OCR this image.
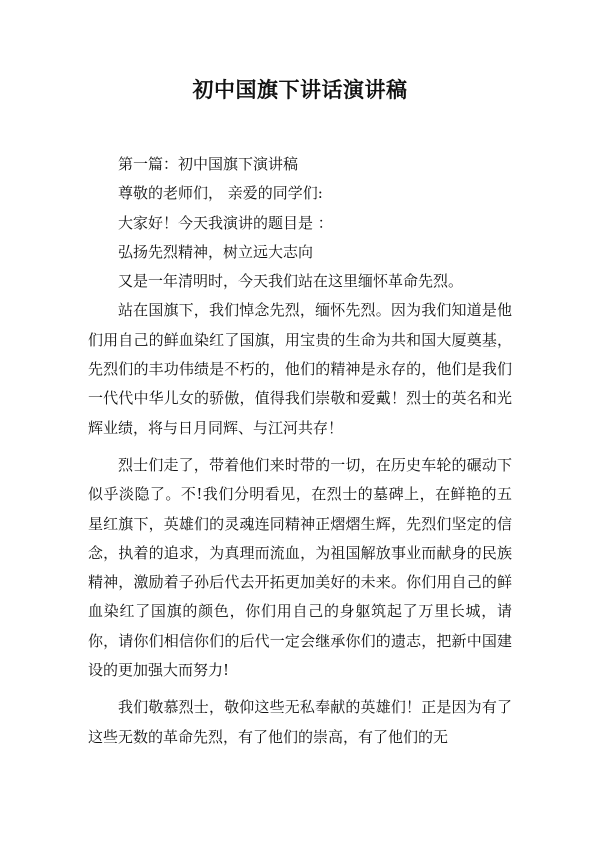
初中国旗下讲话演讲稿
第一篇：初中国旗下演讲稿
尊敬的老师们， 亲爱的同学们:
大家好！今天我演讲的题目是 ：
弘扬先烈精神，树立远大志向
又是一年清明时，今天我们站在这里缅怀革命先烈。
站在国旗下，我们悼念先烈，缅怀先烈。因为我们知道是他们用自己的鲜血染红了国旗，用宝贵的生命为共和国大厦奠基，先烈们的丰功伟绩是不朽的，他们的精神是永存的，他们是我们一代代中华儿女的骄傲，值得我们崇敬和爱戴！烈士的英名和光辉业绩，将与日月同辉、与江河共存！
烈士们走了，带着他们来时带的一切，在历史车轮的碾动下似乎淡隐了。不!我们分明看见，在烈士的墓碑上，在鲜艳的五星红旗下，英雄们的灵魂连同精神正熠熠生辉，先烈们坚定的信念，执着的追求，为真理而流血，为祖国解放事业而献身的民族精神，激励着子孙后代去开拓更加美好的未来。你们用自己的鲜血染红了国旗的颜色，你们用自己的身躯筑起了万里长城，请你，请你们相信你们的后代一定会继承你们的遗志，把新中国建设的更加强大而努力!
我们敬慕烈士，敬仰这些无私奉献的英雄们！正是因为有了这些无数的革命先烈，有了他们的崇高，有了他们的无
